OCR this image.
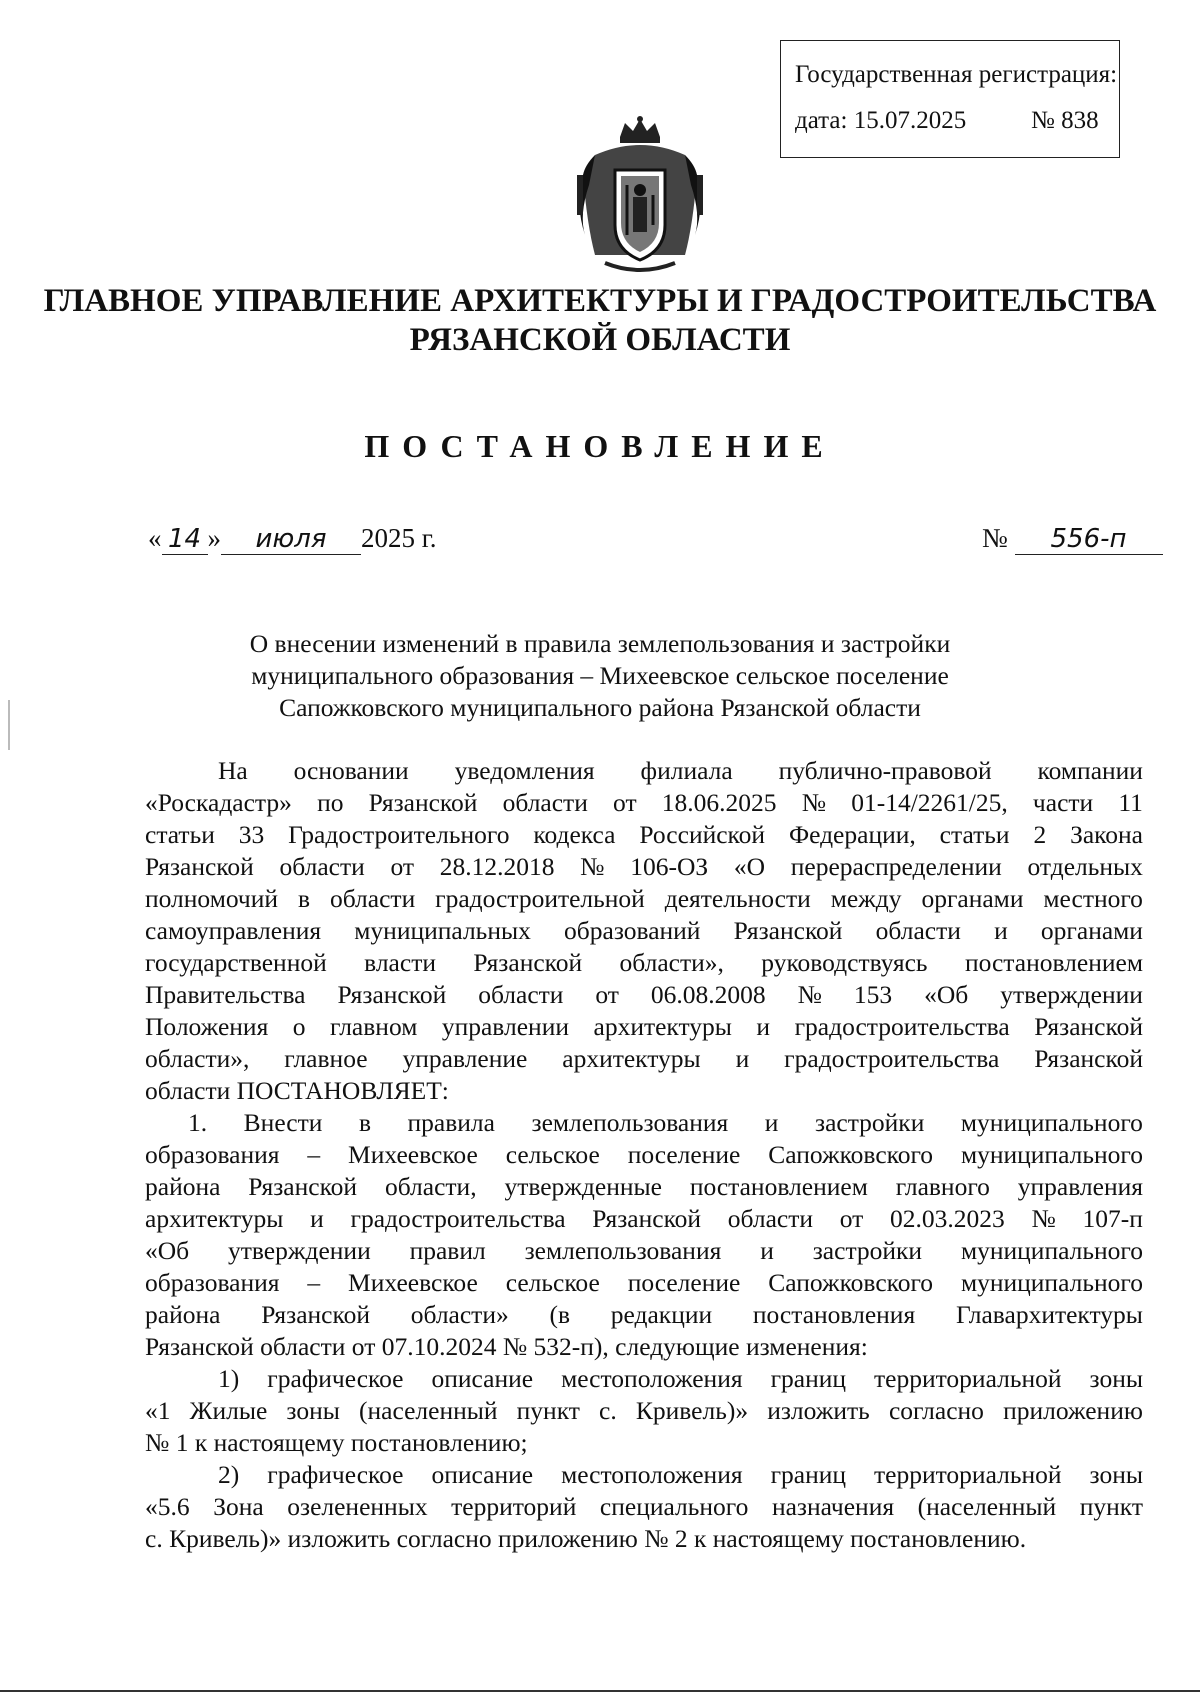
Государственная регистрация:
дата: 15.07.2025	№ 838
ГЛАВНОЕ УПРАВЛЕНИЕ АРХИТЕКТУРЫ И ГРАДОСТРОИТЕЛЬСТВА
РЯЗАНСКОЙ ОБЛАСТИ
ПОСТАНОВЛЕНИЕ
« 14 » июля 2025 г.	№ 556-п
О внесении изменений в правила землепользования и застройки
муниципального образования – Михеевское сельское поселение
Сапожковского муниципального района Рязанской области
На основании уведомления филиала публично-правовой компании
«Роскадастр» по Рязанской области от 18.06.2025 № 01-14/2261/25, части 11
статьи 33 Градостроительного кодекса Российской Федерации, статьи 2 Закона
Рязанской области от 28.12.2018 № 106-ОЗ «О перераспределении отдельных
полномочий в области градостроительной деятельности между органами местного
самоуправления муниципальных образований Рязанской области и органами
государственной власти Рязанской области», руководствуясь постановлением
Правительства Рязанской области от 06.08.2008 № 153 «Об утверждении
Положения о главном управлении архитектуры и градостроительства Рязанской
области», главное управление архитектуры и градостроительства Рязанской
области ПОСТАНОВЛЯЕТ:
1. Внести в правила землепользования и застройки муниципального
образования – Михеевское сельское поселение Сапожковского муниципального
района Рязанской области, утвержденные постановлением главного управления
архитектуры и градостроительства Рязанской области от 02.03.2023 № 107-п
«Об утверждении правил землепользования и застройки муниципального
образования – Михеевское сельское поселение Сапожковского муниципального
района Рязанской области» (в редакции постановления Главархитектуры
Рязанской области от 07.10.2024 № 532-п), следующие изменения:
1) графическое описание местоположения границ территориальной зоны
«1 Жилые зоны (населенный пункт с. Кривель)» изложить согласно приложению
№ 1 к настоящему постановлению;
2) графическое описание местоположения границ территориальной зоны
«5.6 Зона озелененных территорий специального назначения (населенный пункт
с. Кривель)» изложить согласно приложению № 2 к настоящему постановлению.
